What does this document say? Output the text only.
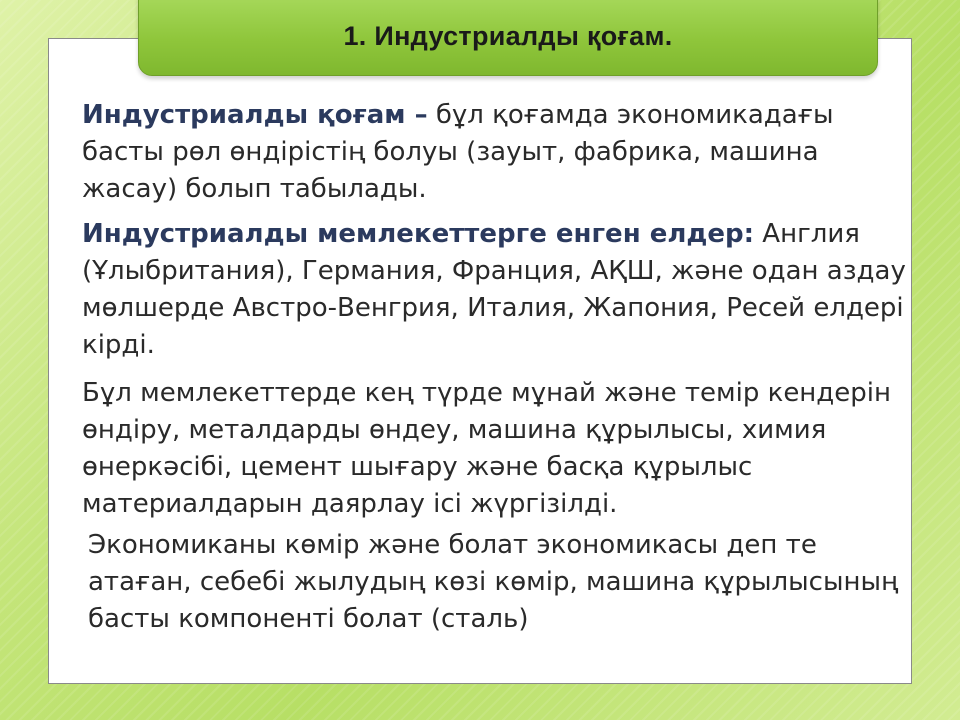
1. Индустриалды қоғам.
Индустриалды қоғам – бұл қоғамда экономикадағы басты рөл өндірістің болуы (зауыт, фабрика, машина жасау) болып табылады.
Индустриалды мемлекеттерге енген елдер: Англия (Ұлыбритания), Германия, Франция, АҚШ, және одан аздау мөлшерде Австро-Венгрия, Италия, Жапония, Ресей елдері кірді.
Бұл мемлекеттерде кең түрде мұнай және темір кендерін өндіру, металдарды өндеу, машина құрылысы, химия өнеркәсібі, цемент шығару және басқа құрылыс материалдарын даярлау ісі жүргізілді.
Экономиканы көмір және болат экономикасы деп те атаған, себебі жылудың көзі көмір, машина құрылысының басты компоненті болат (сталь)
